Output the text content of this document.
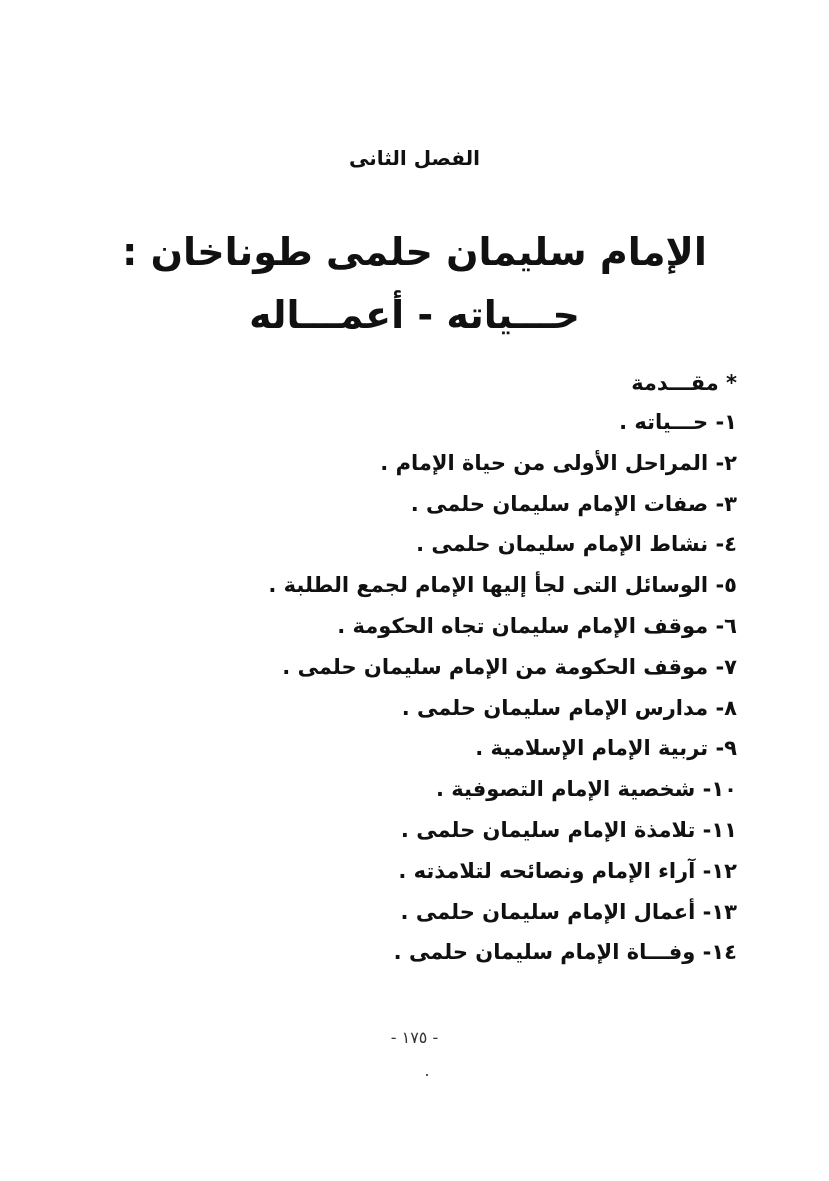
الفصل الثانى
الإمام سليمان حلمى طوناخان :
حـــياته - أعمـــاله
* مقـــدمة
١- حـــياته .
٢- المراحل الأولى من حياة الإمام .
٣- صفات الإمام سليمان حلمى .
٤- نشاط الإمام سليمان حلمى .
٥- الوسائل التى لجأ إليها الإمام لجمع الطلبة .
٦- موقف الإمام سليمان تجاه الحكومة .
٧- موقف الحكومة من الإمام سليمان حلمى .
٨- مدارس الإمام سليمان حلمى .
٩- تربية الإمام الإسلامية .
١٠- شخصية الإمام التصوفية .
١١- تلامذة الإمام سليمان حلمى .
١٢- آراء الإمام ونصائحه لتلامذته .
١٣- أعمال الإمام سليمان حلمى .
١٤- وفـــاة الإمام سليمان حلمى .
- ١٧٥ -
